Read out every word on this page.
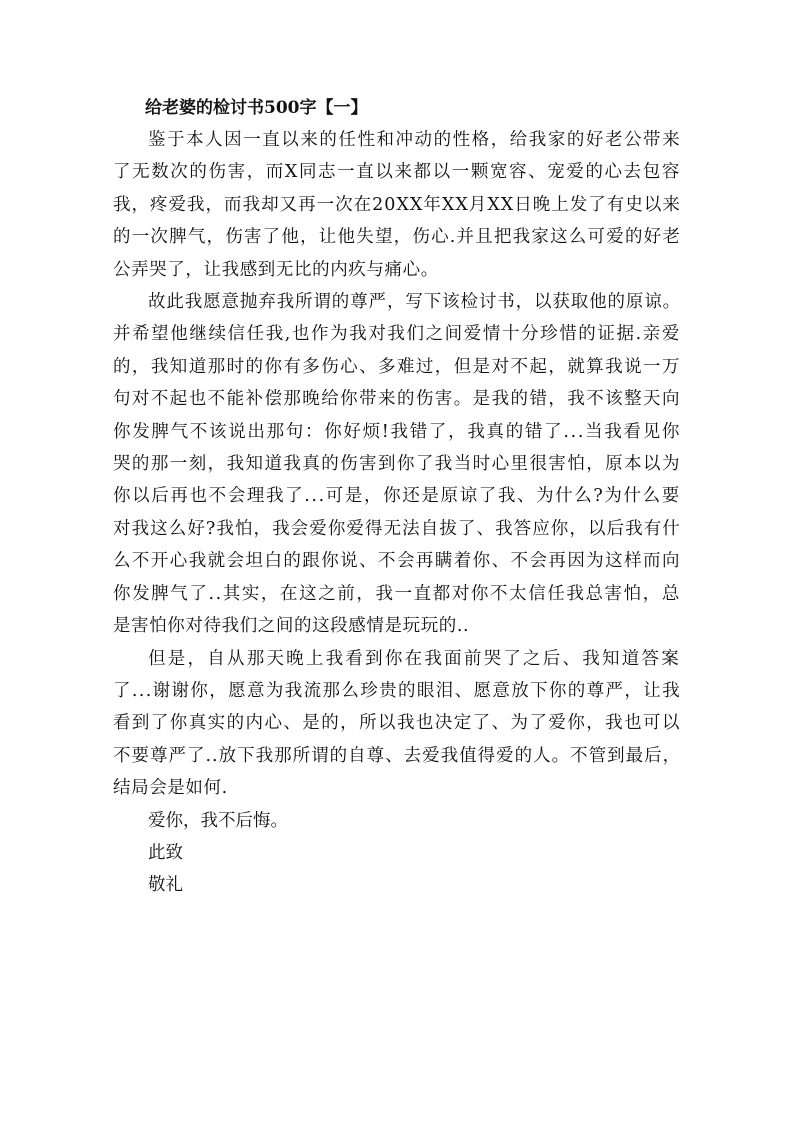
给老婆的检讨书500字【一】

鉴于本人因一直以来的任性和冲动的性格，给我家的好老公带来
了无数次的伤害，而X同志一直以来都以一颗宽容、宠爱的心去包容
我，疼爱我，而我却又再一次在20XX年XX月XX日晚上发了有史以来
的一次脾气，伤害了他，让他失望，伤心.并且把我家这么可爱的好老
公弄哭了，让我感到无比的内疚与痛心。

故此我愿意抛弃我所谓的尊严，写下该检讨书，以获取他的原谅。
并希望他继续信任我,也作为我对我们之间爱情十分珍惜的证据.亲爱
的，我知道那时的你有多伤心、多难过，但是对不起，就算我说一万
句对不起也不能补偿那晚给你带来的伤害。是我的错，我不该整天向
你发脾气不该说出那句：你好烦!我错了，我真的错了...当我看见你
哭的那一刻，我知道我真的伤害到你了我当时心里很害怕，原本以为
你以后再也不会理我了...可是，你还是原谅了我、为什么?为什么要
对我这么好?我怕，我会爱你爱得无法自拔了、我答应你，以后我有什
么不开心我就会坦白的跟你说、不会再瞒着你、不会再因为这样而向
你发脾气了..其实，在这之前，我一直都对你不太信任我总害怕，总
是害怕你对待我们之间的这段感情是玩玩的..

但是，自从那天晚上我看到你在我面前哭了之后、我知道答案
了...谢谢你，愿意为我流那么珍贵的眼泪、愿意放下你的尊严，让我
看到了你真实的内心、是的，所以我也决定了、为了爱你，我也可以
不要尊严了..放下我那所谓的自尊、去爱我值得爱的人。不管到最后，
结局会是如何.

爱你，我不后悔。

此致

敬礼
